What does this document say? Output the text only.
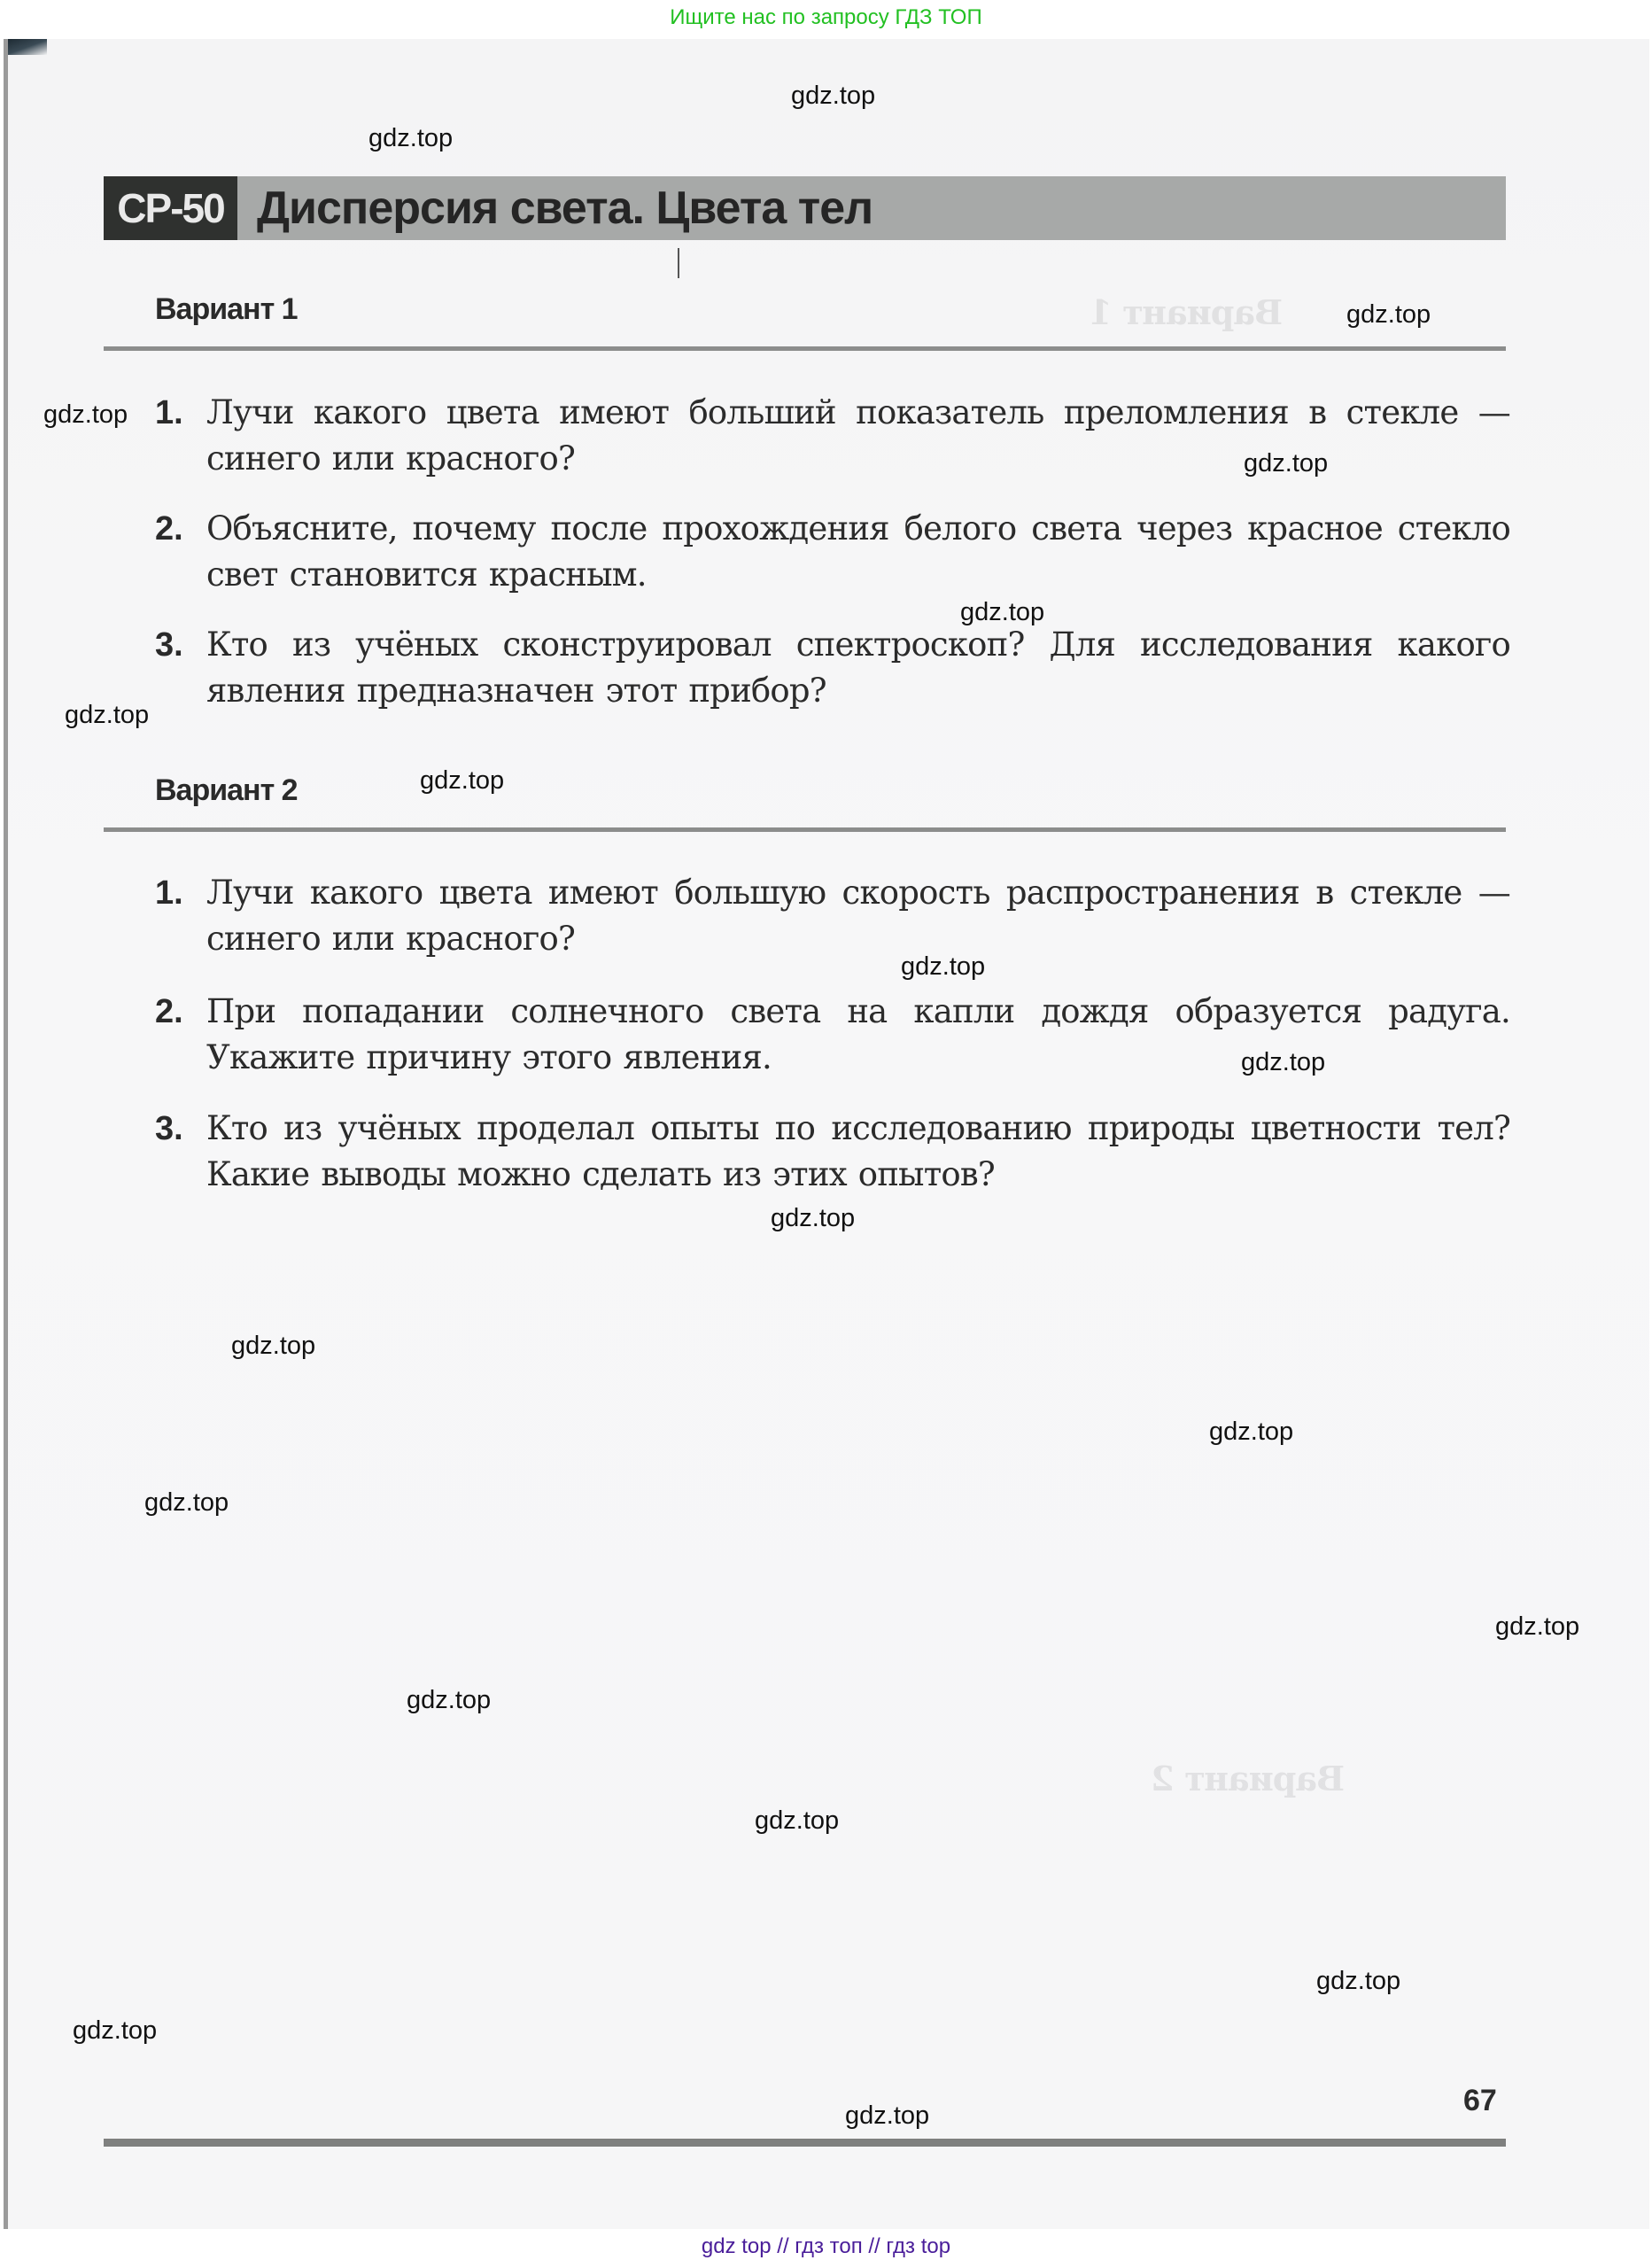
Ищите нас по запросу ГДЗ ТОП
Вариант 1
Вариант 2
СР-50 Дисперсия света. Цвета тел
Вариант 1
1. Лучи какого цвета имеют больший показатель преломления в стекле — синего или красного?
2. Объясните, почему после прохождения белого света через красное стекло свет становится красным.
3. Кто из учёных сконструировал спектроскоп? Для исследования какого явления предназначен этот прибор?
Вариант 2
1. Лучи какого цвета имеют большую скорость распространения в стекле — синего или красного?
2. При попадании солнечного света на капли дождя образуется радуга. Укажите причину этого явления.
3. Кто из учёных проделал опыты по исследованию природы цветности тел? Какие выводы можно сделать из этих опытов?
67
gdz.top
gdz.top
gdz.top
gdz.top
gdz.top
gdz.top
gdz.top
gdz.top
gdz.top
gdz.top
gdz.top
gdz.top
gdz.top
gdz.top
gdz.top
gdz.top
gdz.top
gdz.top
gdz.top
gdz.top
gdz top // гдз топ // гдз top
